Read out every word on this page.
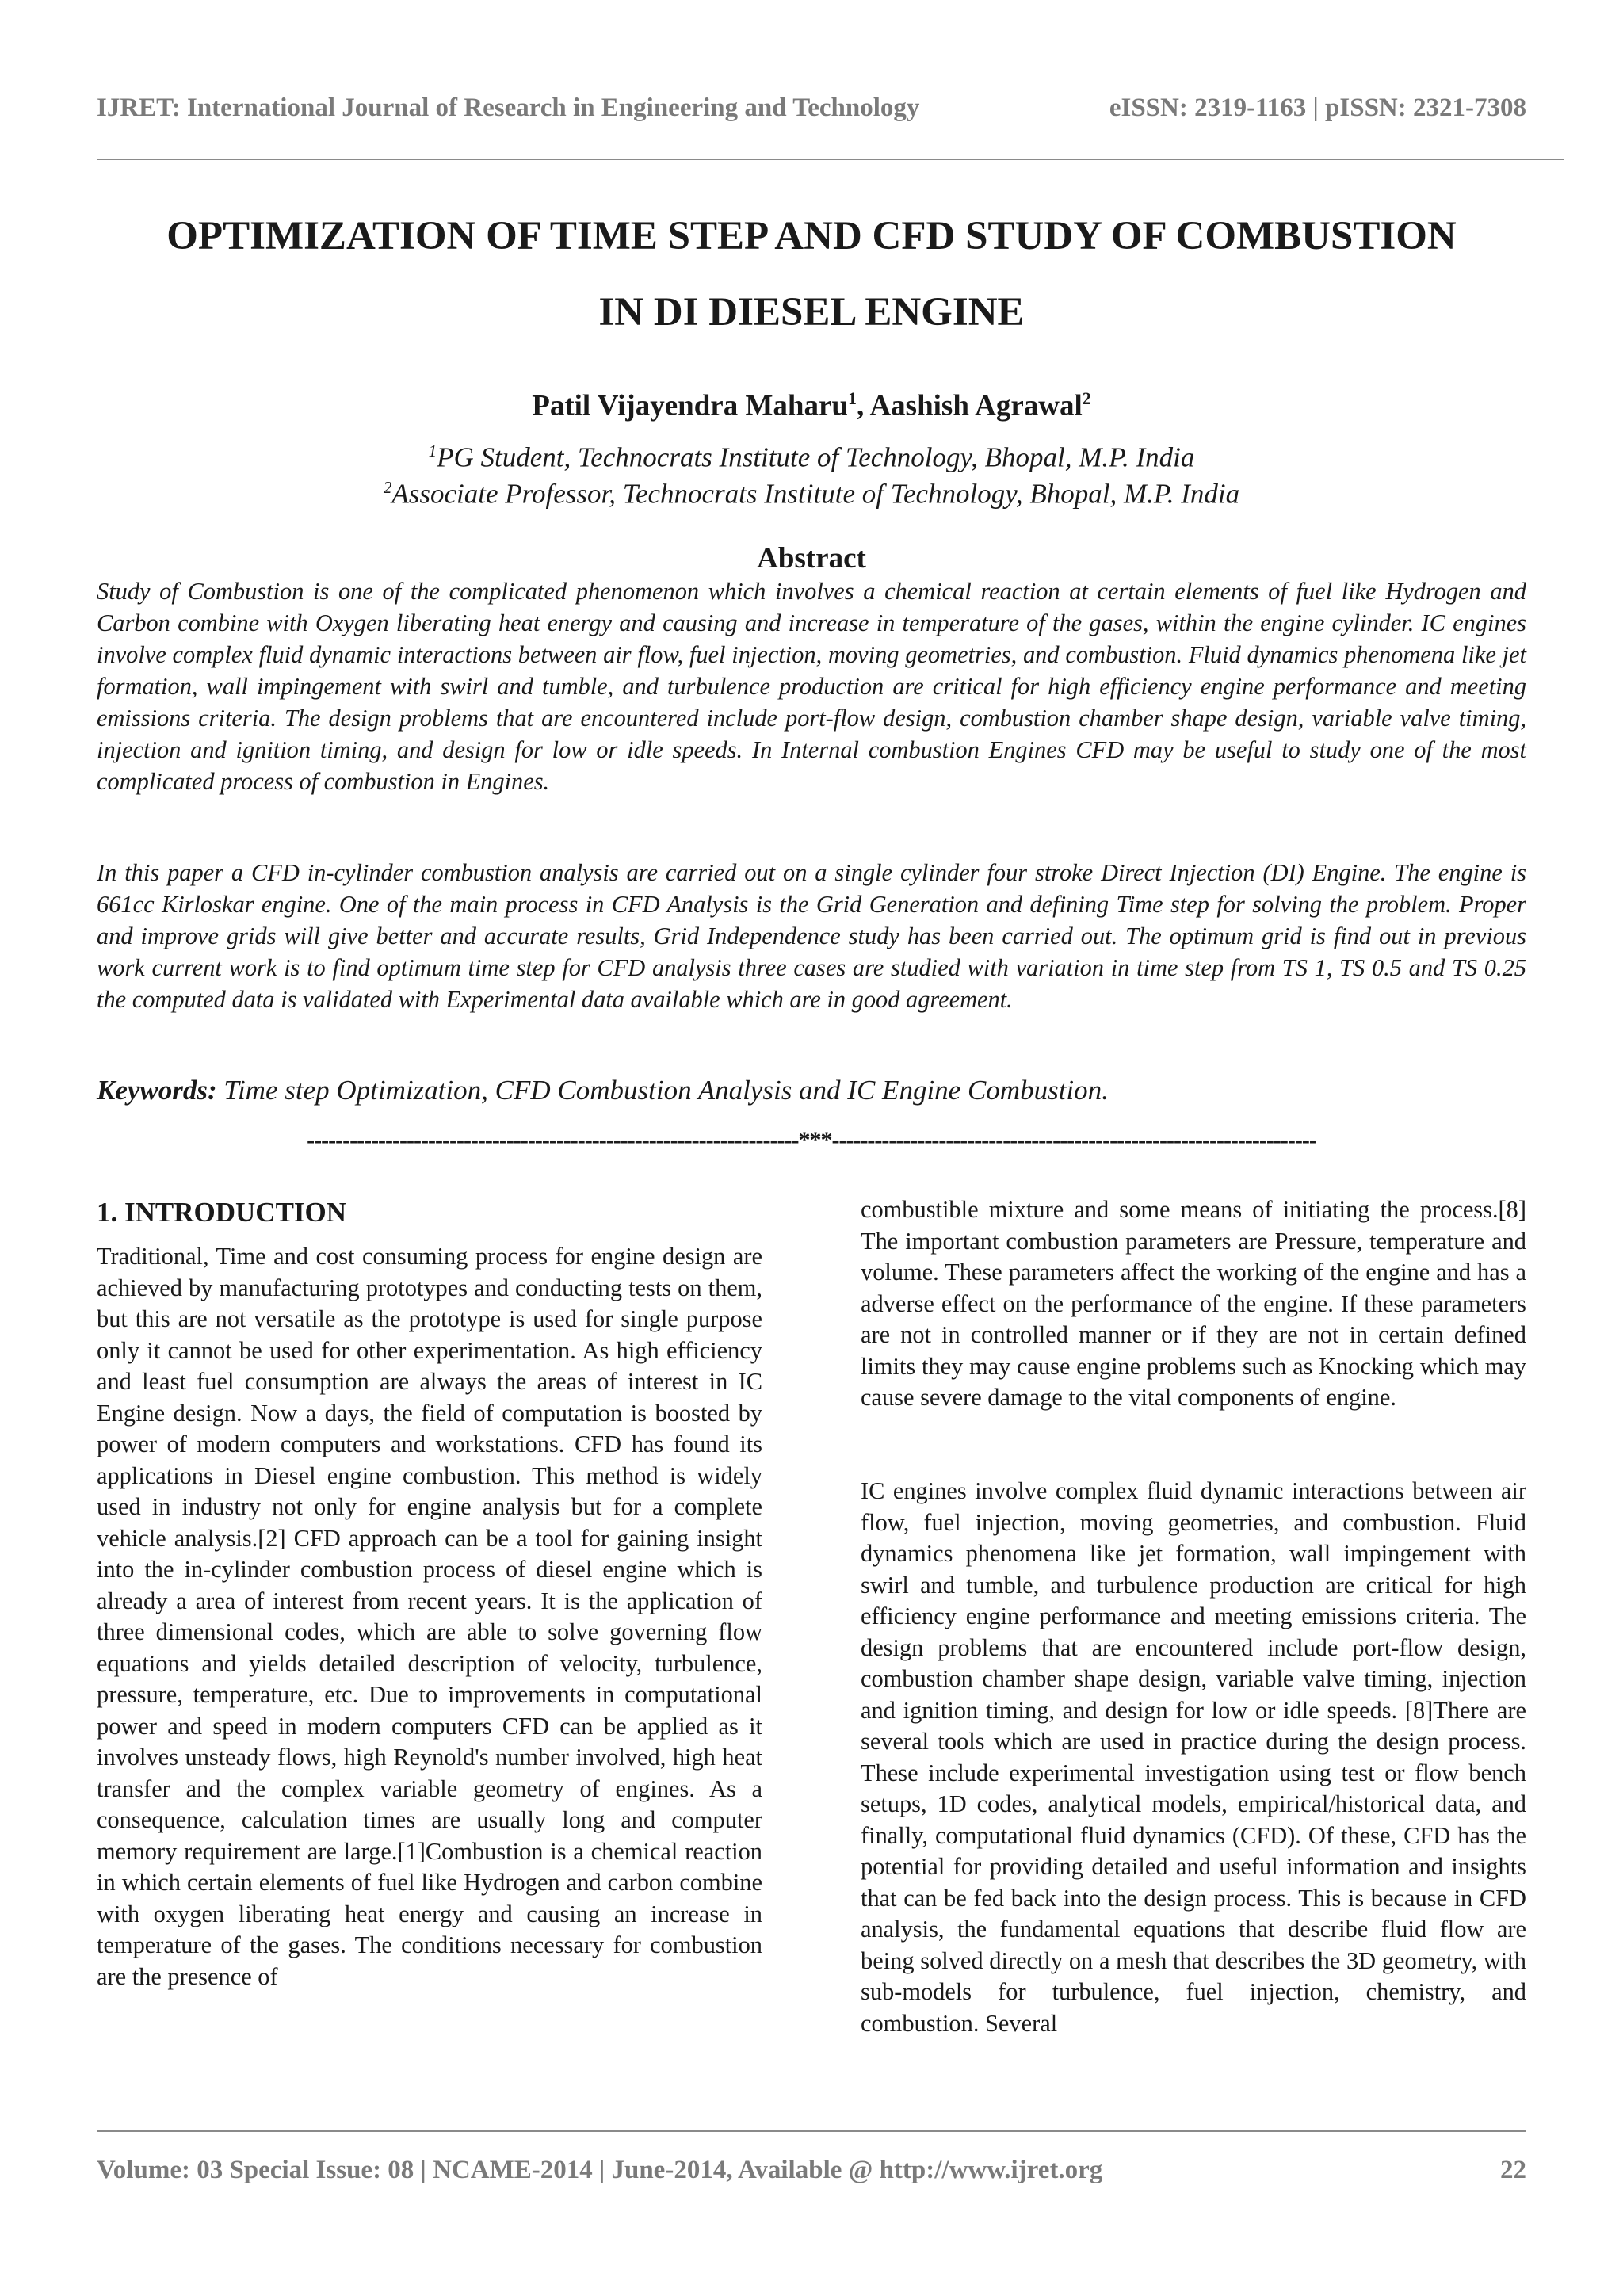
IJRET: International Journal of Research in Engineering and Technology	eISSN: 2319-1163 | pISSN: 2321-7308
OPTIMIZATION OF TIME STEP AND CFD STUDY OF COMBUSTION
IN DI DIESEL ENGINE

Patil Vijayendra Maharu$^1$, Aashish Agrawal$^2$

$^1$PG Student, Technocrats Institute of Technology, Bhopal, M.P. India

$^2$Associate Professor, Technocrats Institute of Technology, Bhopal, M.P. India

Abstract

Study of Combustion is one of the complicated phenomenon which involves a chemical reaction at certain elements of fuel like Hydrogen and Carbon combine with Oxygen liberating heat energy and causing and increase in temperature of the gases, within the engine cylinder. IC engines involve complex fluid dynamic interactions between air flow, fuel injection, moving geometries, and combustion. Fluid dynamics phenomena like jet formation, wall impingement with swirl and tumble, and turbulence production are critical for high efficiency engine performance and meeting emissions criteria. The design problems that are encountered include port-flow design, combustion chamber shape design, variable valve timing, injection and ignition timing, and design for low or idle speeds. In Internal combustion Engines CFD may be useful to study one of the most complicated process of combustion in Engines.

In this paper a CFD in-cylinder combustion analysis are carried out on a single cylinder four stroke Direct Injection (DI) Engine. The engine is 661cc Kirloskar engine. One of the main process in CFD Analysis is the Grid Generation and defining Time step for solving the problem. Proper and improve grids will give better and accurate results, Grid Independence study has been carried out. The optimum grid is find out in previous work current work is to find optimum time step for CFD analysis three cases are studied with variation in time step from TS 1, TS 0.5 and TS 0.25 the computed data is validated with Experimental data available which are in good agreement.

Keywords: Time step Optimization, CFD Combustion Analysis and IC Engine Combustion.

---------------------------------------------------------------------***--------------------------------------------------------------------
1. INTRODUCTION

Traditional, Time and cost consuming process for engine design are achieved by manufacturing prototypes and conducting tests on them, but this are not versatile as the prototype is used for single purpose only it cannot be used for other experimentation. As high efficiency and least fuel consumption are always the areas of interest in IC Engine design. Now a days, the field of computation is boosted by power of modern computers and workstations. CFD has found its applications in Diesel engine combustion. This method is widely used in industry not only for engine analysis but for a complete vehicle analysis.[2] CFD approach can be a tool for gaining insight into the in-cylinder combustion process of diesel engine which is already a area of interest from recent years. It is the application of three dimensional codes, which are able to solve governing flow equations and yields detailed description of velocity, turbulence, pressure, temperature, etc. Due to improvements in computational power and speed in modern computers CFD can be applied as it involves unsteady flows, high Reynold's number involved, high heat transfer and the complex variable geometry of engines. As a consequence, calculation times are usually long and computer memory requirement are large.[1]Combustion is a chemical reaction in which certain elements of fuel like Hydrogen and carbon combine with oxygen liberating heat energy and causing an increase in temperature of the gases. The conditions necessary for combustion are the presence of

combustible mixture and some means of initiating the process.[8] The important combustion parameters are Pressure, temperature and volume. These parameters affect the working of the engine and has a adverse effect on the performance of the engine. If these parameters are not in controlled manner or if they are not in certain defined limits they may cause engine problems such as Knocking which may cause severe damage to the vital components of engine.

IC engines involve complex fluid dynamic interactions between air flow, fuel injection, moving geometries, and combustion. Fluid dynamics phenomena like jet formation, wall impingement with swirl and tumble, and turbulence production are critical for high efficiency engine performance and meeting emissions criteria. The design problems that are encountered include port-flow design, combustion chamber shape design, variable valve timing, injection and ignition timing, and design for low or idle speeds. [8]There are several tools which are used in practice during the design process. These include experimental investigation using test or flow bench setups, 1D codes, analytical models, empirical/historical data, and finally, computational fluid dynamics (CFD). Of these, CFD has the potential for providing detailed and useful information and insights that can be fed back into the design process. This is because in CFD analysis, the fundamental equations that describe fluid flow are being solved directly on a mesh that describes the 3D geometry, with sub-models for turbulence, fuel injection, chemistry, and combustion. Several

Volume: 03 Special Issue: 08 | NCAME-2014 | June-2014, Available @ http://www.ijret.org	22
